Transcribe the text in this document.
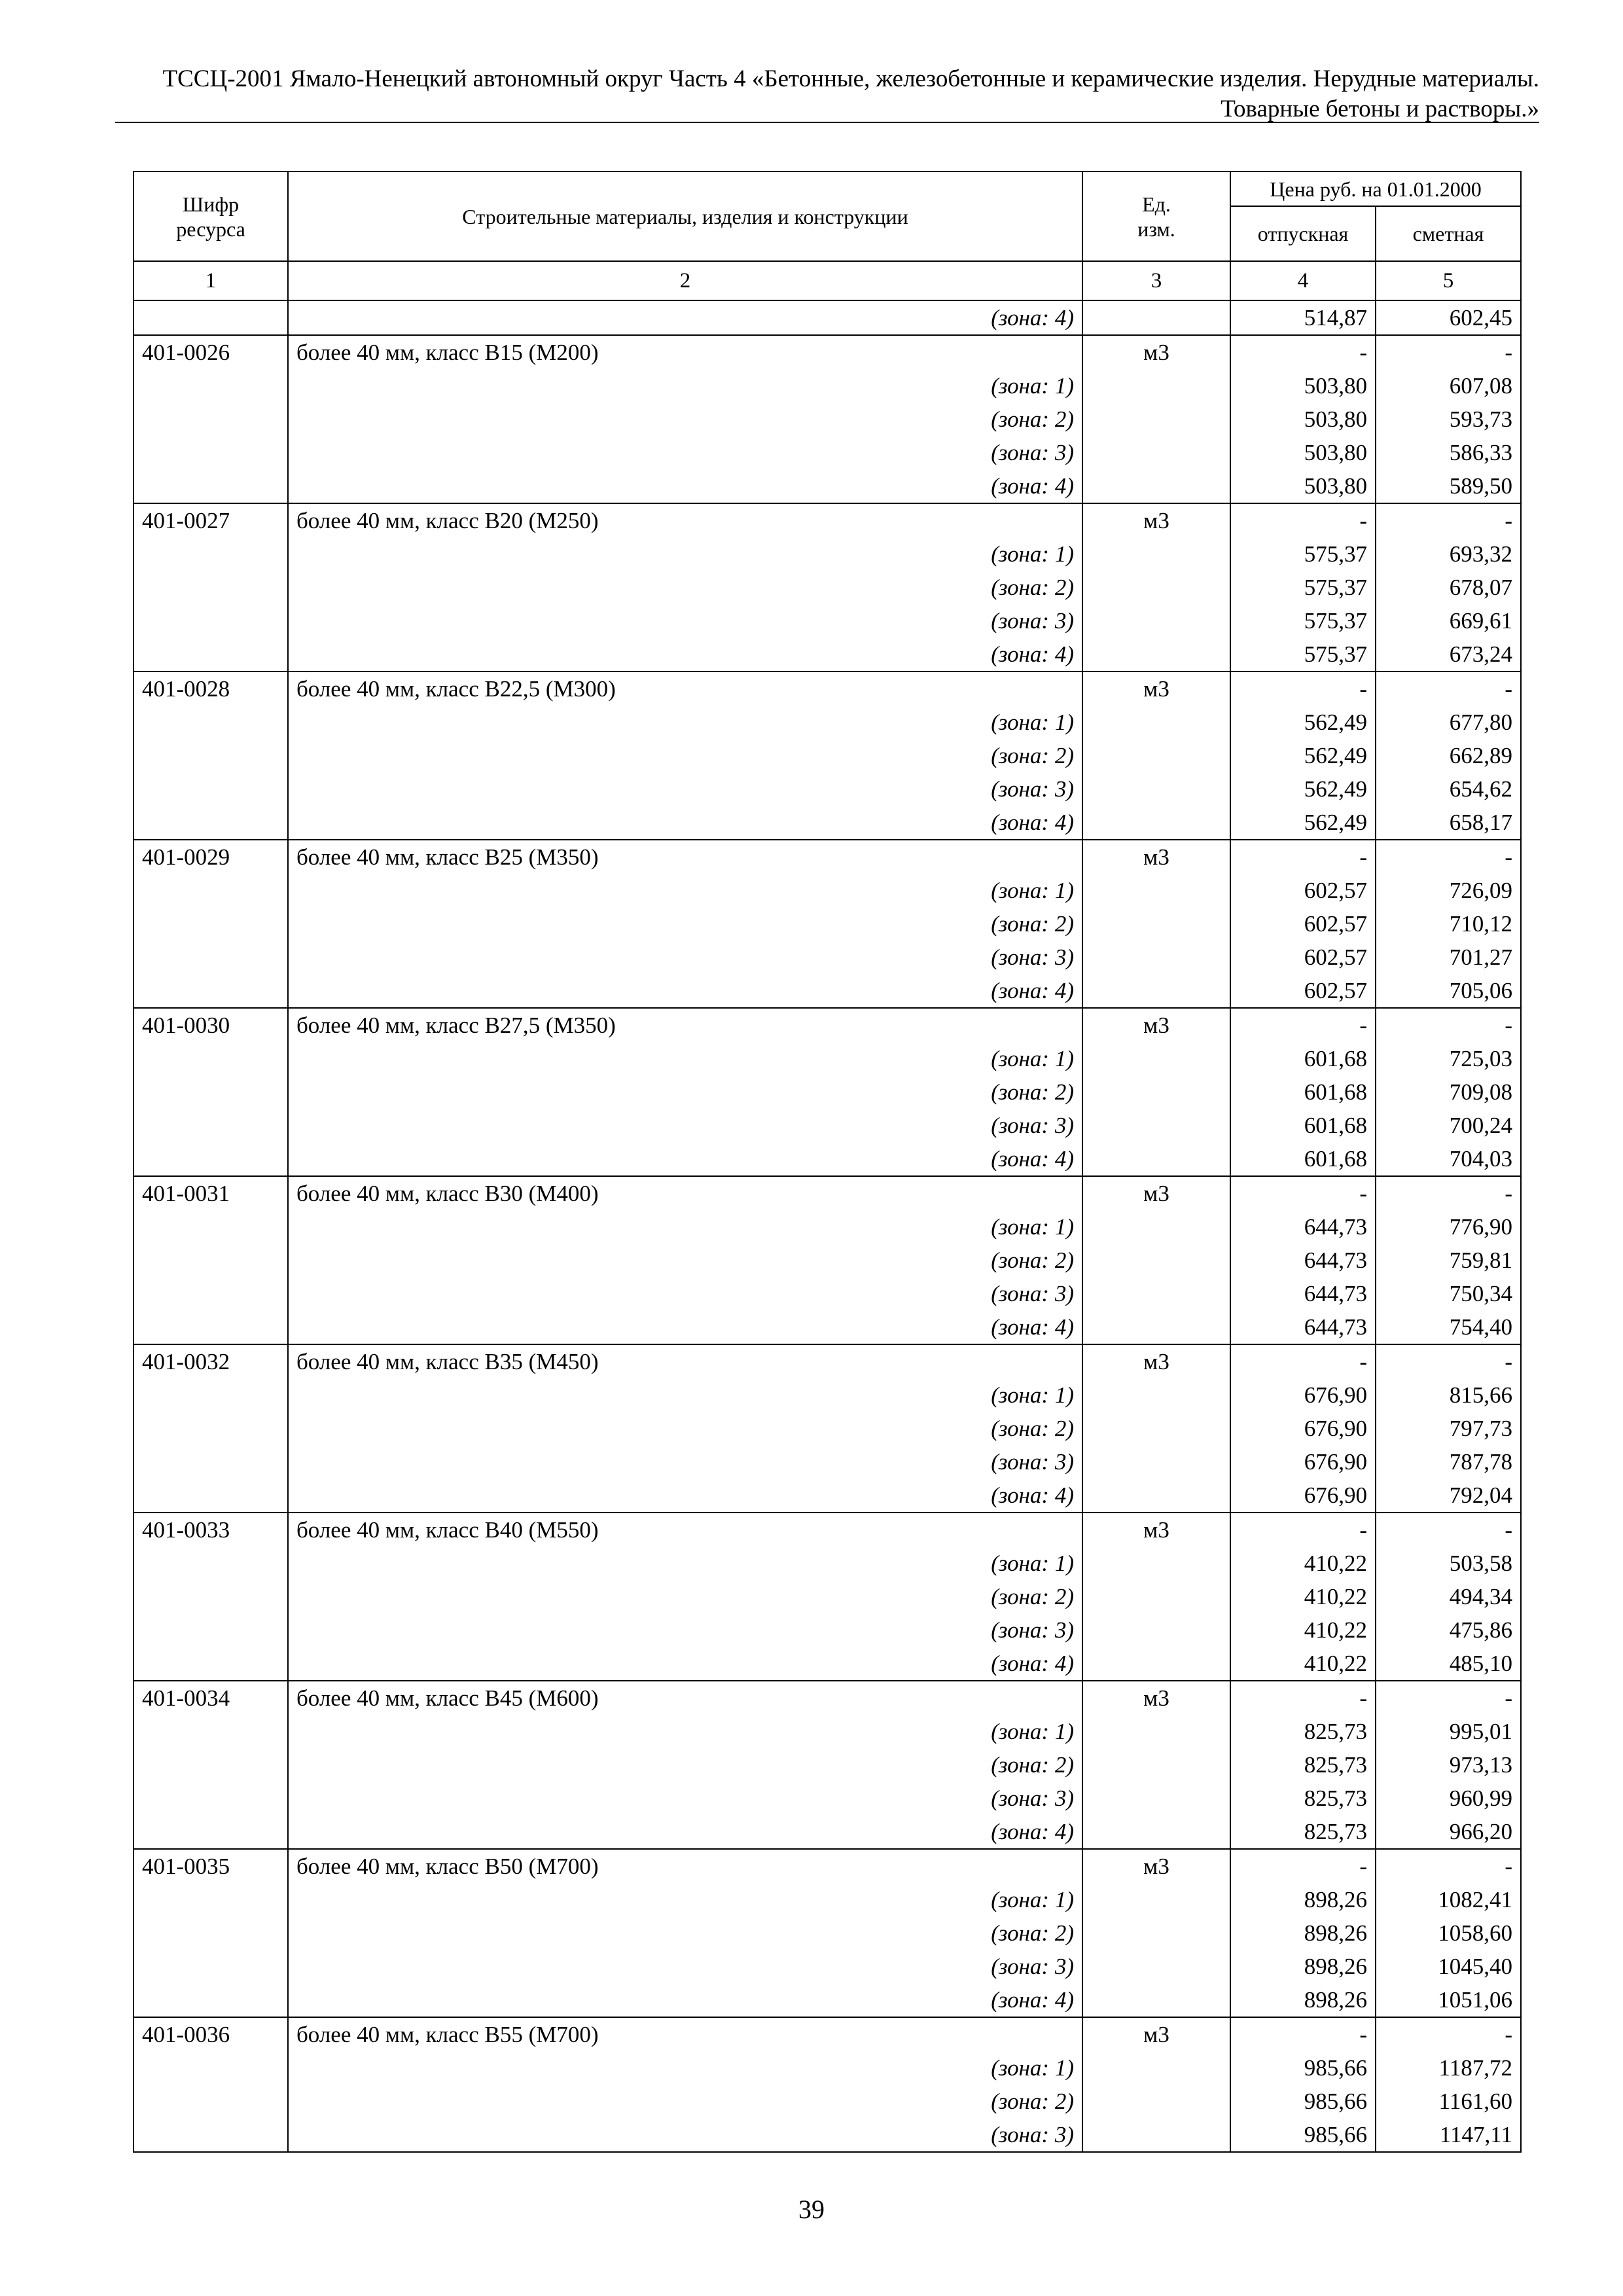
ТССЦ-2001 Ямало-Ненецкий автономный округ Часть 4 «Бетонные, железобетонные и керамические изделия. Нерудные материалы.
Товарные бетоны и растворы.»
Шифр ресурса	Строительные материалы, изделия и конструкции	Ед. изм.	Цена руб. на 01.01.2000	
			отпускная	сметная
1	2	3	4	5
	(зона: 4)		514,87	602,45
401-0026	более 40 мм, класс В15 (М200)	м3	-	-
	(зона: 1)		503,80	607,08
	(зона: 2)		503,80	593,73
	(зона: 3)		503,80	586,33
	(зона: 4)		503,80	589,50
401-0027	более 40 мм, класс В20 (М250)	м3	-	-
	(зона: 1)		575,37	693,32
	(зона: 2)		575,37	678,07
	(зона: 3)		575,37	669,61
	(зона: 4)		575,37	673,24
401-0028	более 40 мм, класс В22,5 (М300)	м3	-	-
	(зона: 1)		562,49	677,80
	(зона: 2)		562,49	662,89
	(зона: 3)		562,49	654,62
	(зона: 4)		562,49	658,17
401-0029	более 40 мм, класс В25 (М350)	м3	-	-
	(зона: 1)		602,57	726,09
	(зона: 2)		602,57	710,12
	(зона: 3)		602,57	701,27
	(зона: 4)		602,57	705,06
401-0030	более 40 мм, класс В27,5 (М350)	м3	-	-
	(зона: 1)		601,68	725,03
	(зона: 2)		601,68	709,08
	(зона: 3)		601,68	700,24
	(зона: 4)		601,68	704,03
401-0031	более 40 мм, класс В30 (М400)	м3	-	-
	(зона: 1)		644,73	776,90
	(зона: 2)		644,73	759,81
	(зона: 3)		644,73	750,34
	(зона: 4)		644,73	754,40
401-0032	более 40 мм, класс В35 (М450)	м3	-	-
	(зона: 1)		676,90	815,66
	(зона: 2)		676,90	797,73
	(зона: 3)		676,90	787,78
	(зона: 4)		676,90	792,04
401-0033	более 40 мм, класс В40 (М550)	м3	-	-
	(зона: 1)		410,22	503,58
	(зона: 2)		410,22	494,34
	(зона: 3)		410,22	475,86
	(зона: 4)		410,22	485,10
401-0034	более 40 мм, класс В45 (М600)	м3	-	-
	(зона: 1)		825,73	995,01
	(зона: 2)		825,73	973,13
	(зона: 3)		825,73	960,99
	(зона: 4)		825,73	966,20
401-0035	более 40 мм, класс В50 (М700)	м3	-	-
	(зона: 1)		898,26	1082,41
	(зона: 2)		898,26	1058,60
	(зона: 3)		898,26	1045,40
	(зона: 4)		898,26	1051,06
401-0036	более 40 мм, класс В55 (М700)	м3	-	-
	(зона: 1)		985,66	1187,72
	(зона: 2)		985,66	1161,60
	(зона: 3)		985,66	1147,11
39
